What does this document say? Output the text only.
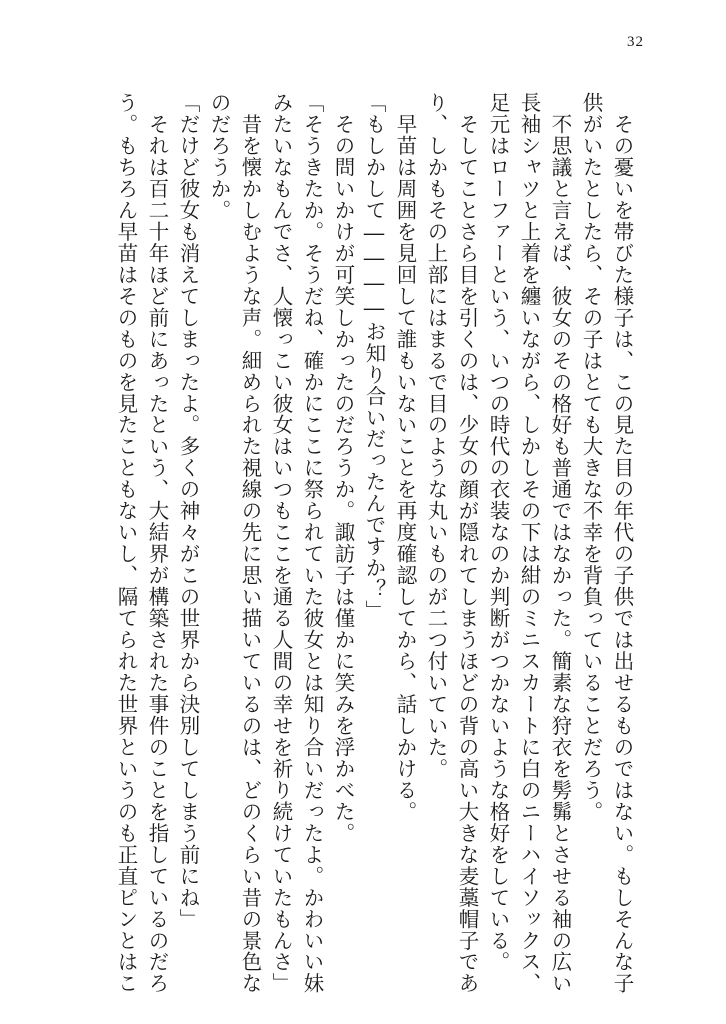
32
　その憂いを帯びた様子は、この見た目の年代の子供では出せるものではない。もしそんな子
供がいたとしたら、その子はとても大きな不幸を背負っていることだろう。
　不思議と言えば、彼女のその格好も普通ではなかった。簡素な狩衣を髣髴とさせる袖の広い
長袖シャツと上着を纏いながら、しかしその下は紺のミニスカートに白のニーハイソックス、
足元はローファーという、いつの時代の衣装なのか判断がつかないような格好をしている。
　そしてことさら目を引くのは、少女の顔が隠れてしまうほどの背の高い大きな麦藁帽子であ
り、しかもその上部にはまるで目のような丸いものが二つ付いていた。
　早苗は周囲を見回して誰もいないことを再度確認してから、話しかける。
「もしかして――――お知り合いだったんですか？」
　その問いかけが可笑しかったのだろうか。諏訪子は僅かに笑みを浮かべた。
「そうきたか。そうだね、確かにここに祭られていた彼女とは知り合いだったよ。かわいい妹
みたいなもんでさ、人懐っこい彼女はいつもここを通る人間の幸せを祈り続けていたもんさ」
　昔を懐かしむような声。細められた視線の先に思い描いているのは、どのくらい昔の景色な
のだろうか。
「だけど彼女も消えてしまったよ。多くの神々がこの世界から決別してしまう前にね」
　それは百二十年ほど前にあったという、大結界が構築された事件のことを指しているのだろ
う。もちろん早苗はそのものを見たこともないし、隔てられた世界というのも正直ピンとはこ
